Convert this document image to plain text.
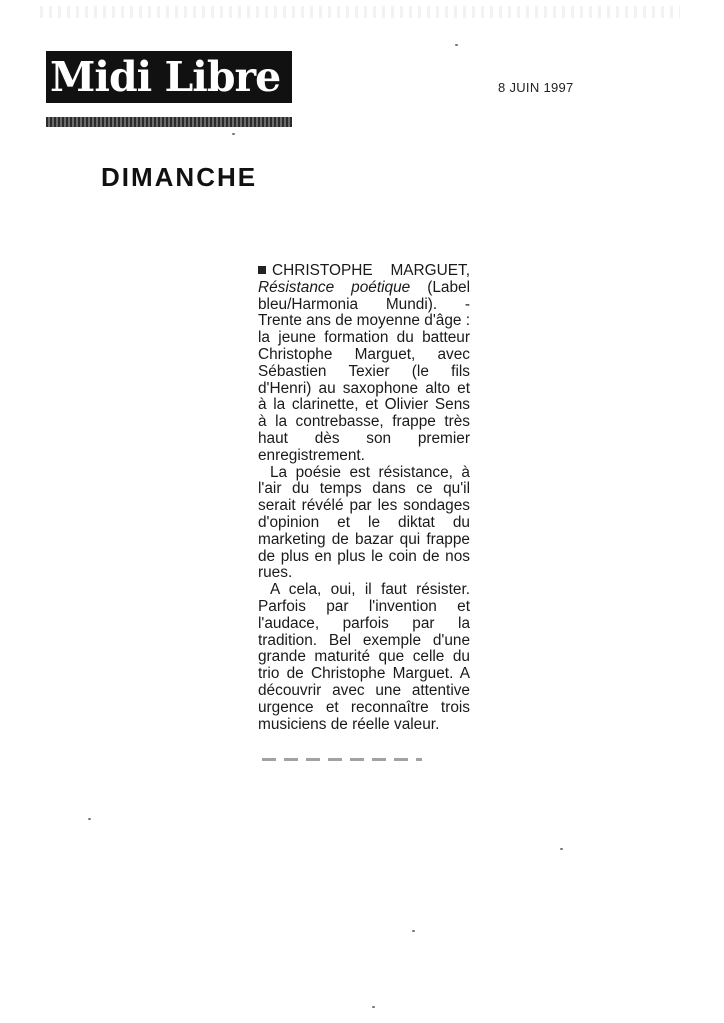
Midi Libre	8 JUIN 1997
DIMANCHE

CHRISTOPHE MARGUET, Résistance poétique (Label bleu/Harmonia Mundi). - Trente ans de moyenne d'âge : la jeune formation du batteur Christophe Marguet, avec Sébastien Texier (le fils d'Henri) au saxophone alto et à la clarinette, et Olivier Sens à la contrebasse, frappe très haut dès son premier enregistrement.

La poésie est résistance, à l'air du temps dans ce qu'il serait révélé par les sondages d'opinion et le diktat du marketing de bazar qui frappe de plus en plus le coin de nos rues.

A cela, oui, il faut résister. Parfois par l'invention et l'audace, parfois par la tradition. Bel exemple d'une grande maturité que celle du trio de Christophe Marguet. A découvrir avec une attentive urgence et reconnaître trois musiciens de réelle valeur.
